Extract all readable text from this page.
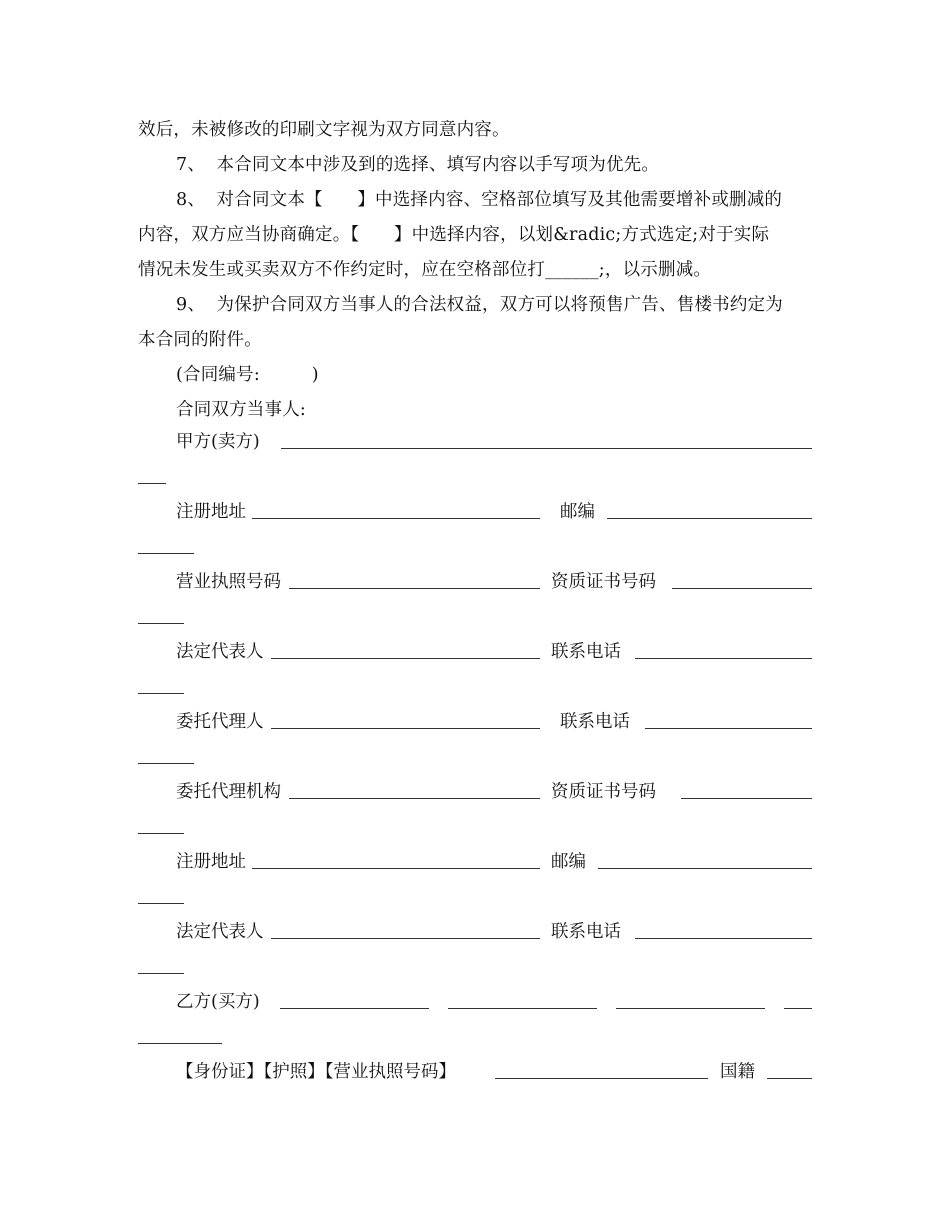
效后，未被修改的印刷文字视为双方同意内容。
7、  本合同文本中涉及到的选择、填写内容以手写项为优先。
8、  对合同文本【      】中选择内容、空格部位填写及其他需要增补或删减的
内容，双方应当协商确定。【      】中选择内容，以划&radic;方式选定;对于实际
情况未发生或买卖双方不作约定时，应在空格部位打______;，以示删减。
9、  为保护合同双方当事人的合法权益，双方可以将预售广告、售楼书约定为
本合同的附件。
(合同编号:         )
合同双方当事人:
甲方(卖方)
注册地址	邮编
营业执照号码	资质证书号码
法定代表人	联系电话
委托代理人	联系电话
委托代理机构	资质证书号码
注册地址	邮编
法定代表人	联系电话
乙方(买方)
【身份证】【护照】【营业执照号码】	国籍
